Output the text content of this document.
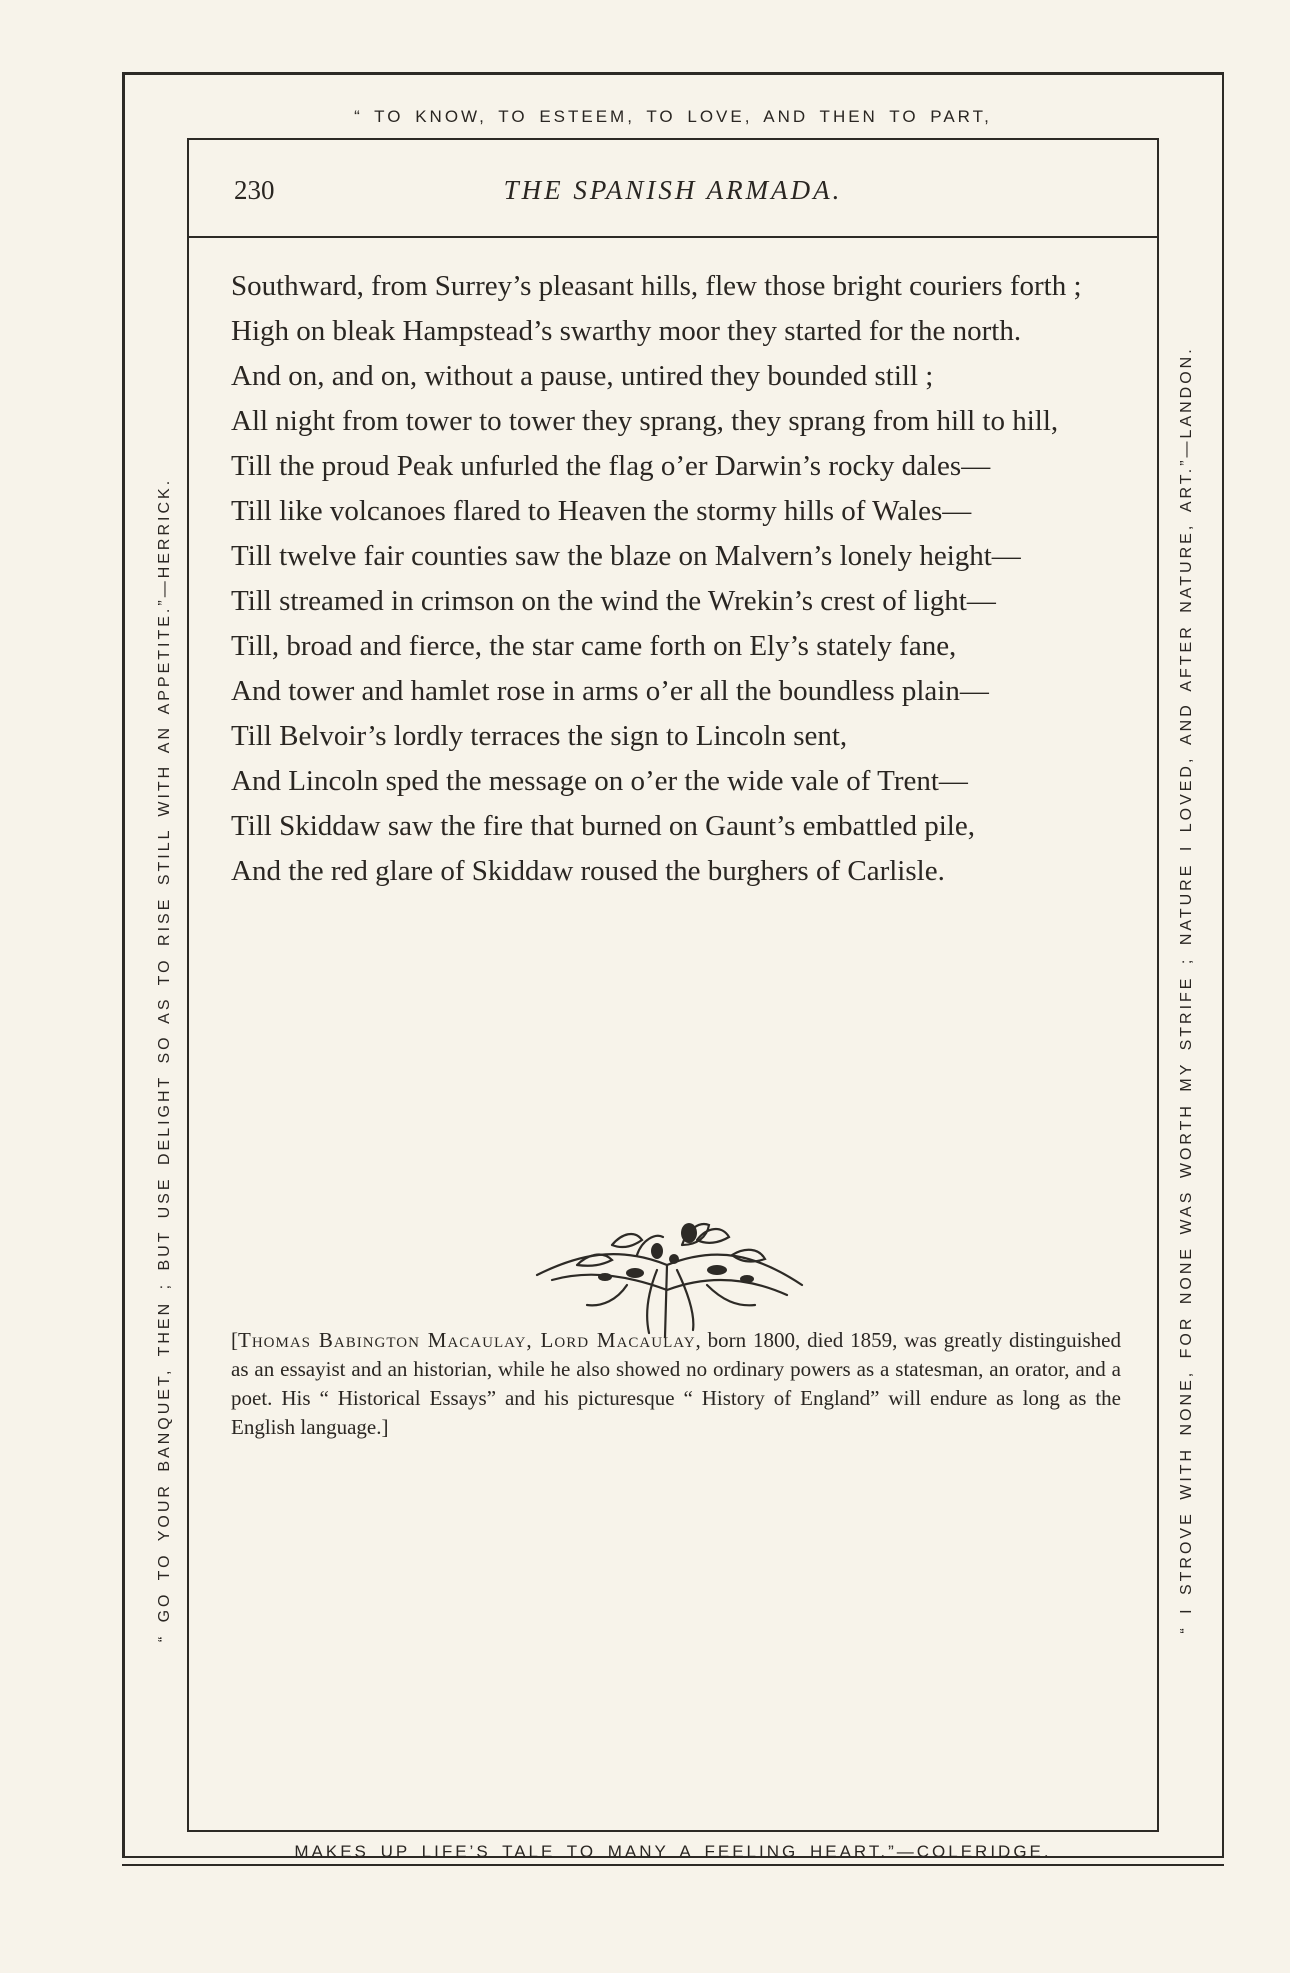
“ TO KNOW, TO ESTEEM, TO LOVE, AND THEN TO PART,
“ GO TO YOUR BANQUET, THEN ; BUT USE DELIGHT SO AS TO RISE STILL WITH AN APPETITE.”—HERRICK.	“ I STROVE WITH NONE, FOR NONE WAS WORTH MY STRIFE ; NATURE I LOVED, AND AFTER NATURE, ART.”—LANDON.
MAKES UP LIFE’S TALE TO MANY A FEELING HEART.”—COLERIDGE.
230	THE SPANISH ARMADA.

Southward, from Surrey’s pleasant hills, flew those bright couriers forth ;

High on bleak Hampstead’s swarthy moor they started for the north.

And on, and on, without a pause, untired they bounded still ;

All night from tower to tower they sprang, they sprang from hill to hill,

Till the proud Peak unfurled the flag o’er Darwin’s rocky dales—

Till like volcanoes flared to Heaven the stormy hills of Wales—

Till twelve fair counties saw the blaze on Malvern’s lonely height—

Till streamed in crimson on the wind the Wrekin’s crest of light—

Till, broad and fierce, the star came forth on Ely’s stately fane,

And tower and hamlet rose in arms o’er all the boundless plain—

Till Belvoir’s lordly terraces the sign to Lincoln sent,

And Lincoln sped the message on o’er the wide vale of Trent—

Till Skiddaw saw the fire that burned on Gaunt’s embattled pile,

And the red glare of Skiddaw roused the burghers of Carlisle.

[Thomas Babington Macaulay, Lord Macaulay, born 1800, died 1859, was greatly distinguished as an essayist and an historian, while he also showed no ordinary powers as a statesman, an orator, and a poet. His “ Historical Essays” and his picturesque “ History of England” will endure as long as the English language.]
